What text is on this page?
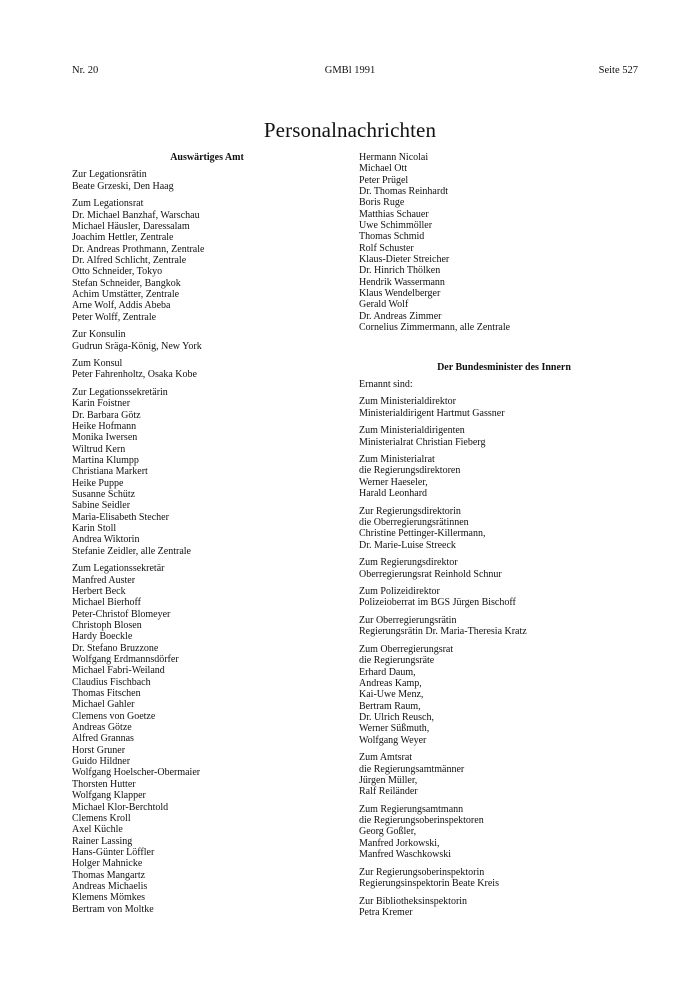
Nr. 20	GMBl 1991	Seite 527
Personalnachrichten
Auswärtiges Amt
Zur Legationsrätin
Beate Grzeski, Den Haag
Zum Legationsrat
Dr. Michael Banzhaf, Warschau
Michael Häusler, Daressalam
Joachim Hettler, Zentrale
Dr. Andreas Prothmann, Zentrale
Dr. Alfred Schlicht, Zentrale
Otto Schneider, Tokyo
Stefan Schneider, Bangkok
Achim Umstätter, Zentrale
Arne Wolf, Addis Abeba
Peter Wolff, Zentrale
Zur Konsulin
Gudrun Sräga-König, New York
Zum Konsul
Peter Fahrenholtz, Osaka Kobe
Zur Legationssekretärin
Karin Foistner
Dr. Barbara Götz
Heike Hofmann
Monika Iwersen
Wiltrud Kern
Martina Klumpp
Christiana Markert
Heike Puppe
Susanne Schütz
Sabine Seidler
Maria-Elisabeth Stecher
Karin Stoll
Andrea Wiktorin
Stefanie Zeidler, alle Zentrale
Zum Legationssekretär
Manfred Auster
Herbert Beck
Michael Bierhoff
Peter-Christof Blomeyer
Christoph Blosen
Hardy Boeckle
Dr. Stefano Bruzzone
Wolfgang Erdmannsdörfer
Michael Fabri-Weiland
Claudius Fischbach
Thomas Fitschen
Michael Gahler
Clemens von Goetze
Andreas Götze
Alfred Grannas
Horst Gruner
Guido Hildner
Wolfgang Hoelscher-Obermaier
Thorsten Hutter
Wolfgang Klapper
Michael Klor-Berchtold
Clemens Kroll
Axel Küchle
Rainer Lassing
Hans-Günter Löffler
Holger Mahnicke
Thomas Mangartz
Andreas Michaelis
Klemens Mömkes
Bertram von Moltke
Hermann Nicolai
Michael Ott
Peter Prügel
Dr. Thomas Reinhardt
Boris Ruge
Matthias Schauer
Uwe Schimmöller
Thomas Schmid
Rolf Schuster
Klaus-Dieter Streicher
Dr. Hinrich Thölken
Hendrik Wassermann
Klaus Wendelberger
Gerald Wolf
Dr. Andreas Zimmer
Cornelius Zimmermann, alle Zentrale
Der Bundesminister des Innern
Ernannt sind:
Zum Ministerialdirektor
Ministerialdirigent Hartmut Gassner
Zum Ministerialdirigenten
Ministerialrat Christian Fieberg
Zum Ministerialrat
die Regierungsdirektoren
Werner Haeseler,
Harald Leonhard
Zur Regierungsdirektorin
die Oberregierungsrätinnen
Christine Pettinger-Killermann,
Dr. Marie-Luise Streeck
Zum Regierungsdirektor
Oberregierungsrat Reinhold Schnur
Zum Polizeidirektor
Polizeioberrat im BGS Jürgen Bischoff
Zur Oberregierungsrätin
Regierungsrätin Dr. Maria-Theresia Kratz
Zum Oberregierungsrat
die Regierungsräte
Erhard Daum,
Andreas Kamp,
Kai-Uwe Menz,
Bertram Raum,
Dr. Ulrich Reusch,
Werner Süßmuth,
Wolfgang Weyer
Zum Amtsrat
die Regierungsamtmänner
Jürgen Müller,
Ralf Reiländer
Zum Regierungsamtmann
die Regierungsoberinspektoren
Georg Goßler,
Manfred Jorkowski,
Manfred Waschkowski
Zur Regierungsoberinspektorin
Regierungsinspektorin Beate Kreis
Zur Bibliotheksinspektorin
Petra Kremer
